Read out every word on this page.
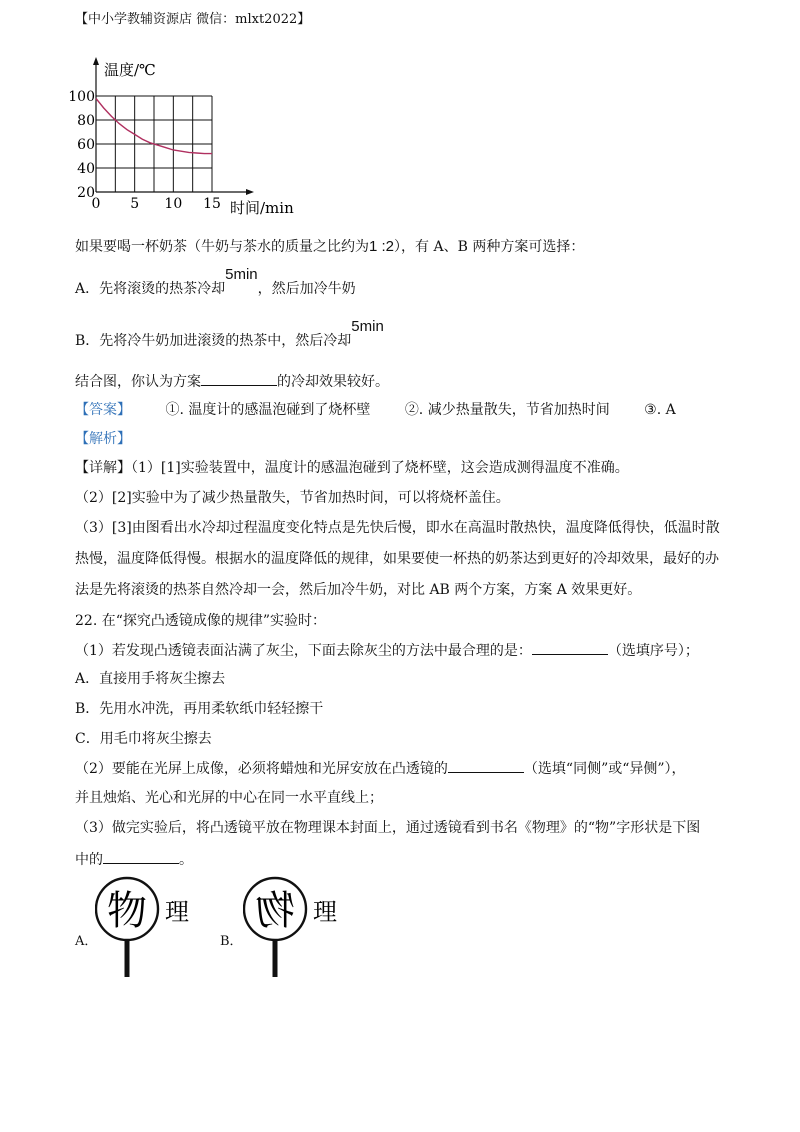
【中小学教辅资源店 微信：mlxt2022】
0 5 10 15
100
80
60
40
20
温度/℃
时间/min
如果要喝一杯奶茶（牛奶与茶水的质量之比约为1 :2），有 A、B 两种方案可选择：
A．先将滚烫的热茶冷却5min，然后加冷牛奶
B．先将冷牛奶加进滚烫的热茶中，然后冷却5min
结合图，你认为方案	的冷却效果较好。
【答案】 ①. 温度计的感温泡碰到了烧杯壁 ②. 减少热量散失，节省加热时间 ③. A
【解析】
【详解】（1）[1]实验装置中，温度计的感温泡碰到了烧杯壁，这会造成测得温度不准确。
（2）[2]实验中为了减少热量散失，节省加热时间，可以将烧杯盖住。
（3）[3]由图看出水冷却过程温度变化特点是先快后慢，即水在高温时散热快，温度降低得快，低温时散
热慢，温度降低得慢。根据水的温度降低的规律，如果要使一杯热的奶茶达到更好的冷却效果，最好的办
法是先将滚烫的热茶自然冷却一会，然后加冷牛奶，对比 AB 两个方案，方案 A 效果更好。
22. 在“探究凸透镜成像的规律”实验时：
（1）若发现凸透镜表面沾满了灰尘，下面去除灰尘的方法中最合理的是：	（选填序号）；
A．直接用手将灰尘擦去
B．先用水冲洗，再用柔软纸巾轻轻擦干
C．用毛巾将灰尘擦去
（2）要能在光屏上成像，必须将蜡烛和光屏安放在凸透镜的	（选填“同侧”或“异侧”），
并且烛焰、光心和光屏的中心在同一水平直线上；
（3）做完实验后，将凸透镜平放在物理课本封面上，通过透镜看到书名《物理》的“物”字形状是下图
中的	。
A．
物 理
B．
物 理
